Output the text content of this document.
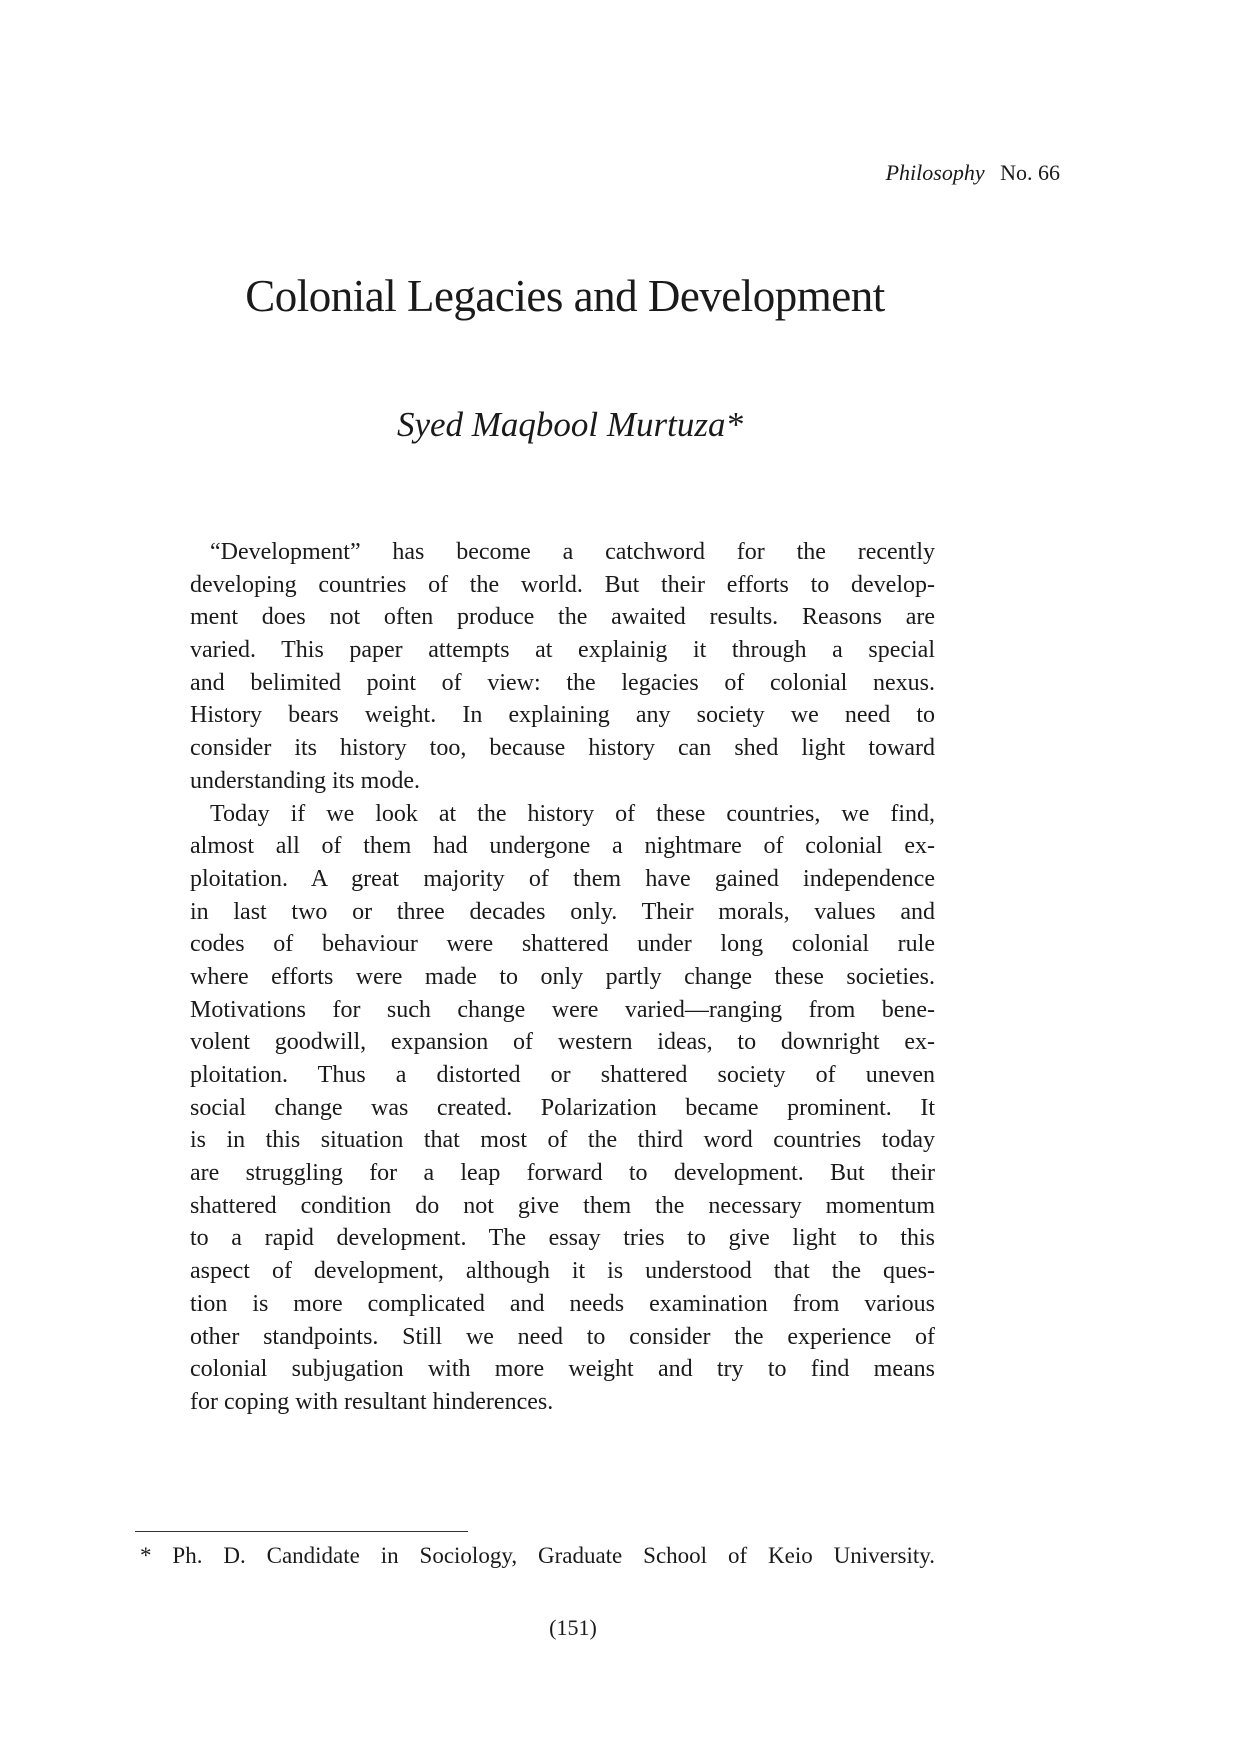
Philosophy No. 66
Colonial Legacies and Development
Syed Maqbool Murtuza*
“Development” has become a catchword for the recently
developing countries of the world. But their efforts to develop-
ment does not often produce the awaited results. Reasons are
varied. This paper attempts at explainig it through a special
and belimited point of view: the legacies of colonial nexus.
History bears weight. In explaining any society we need to
consider its history too, because history can shed light toward
understanding its mode.
Today if we look at the history of these countries, we find,
almost all of them had undergone a nightmare of colonial ex-
ploitation. A great majority of them have gained independence
in last two or three decades only. Their morals, values and
codes of behaviour were shattered under long colonial rule
where efforts were made to only partly change these societies.
Motivations for such change were varied—ranging from bene-
volent goodwill, expansion of western ideas, to downright ex-
ploitation. Thus a distorted or shattered society of uneven
social change was created. Polarization became prominent. It
is in this situation that most of the third word countries today
are struggling for a leap forward to development. But their
shattered condition do not give them the necessary momentum
to a rapid development. The essay tries to give light to this
aspect of development, although it is understood that the ques-
tion is more complicated and needs examination from various
other standpoints. Still we need to consider the experience of
colonial subjugation with more weight and try to find means
for coping with resultant hinderences.
* Ph. D. Candidate in Sociology, Graduate School of Keio University.
(151)
